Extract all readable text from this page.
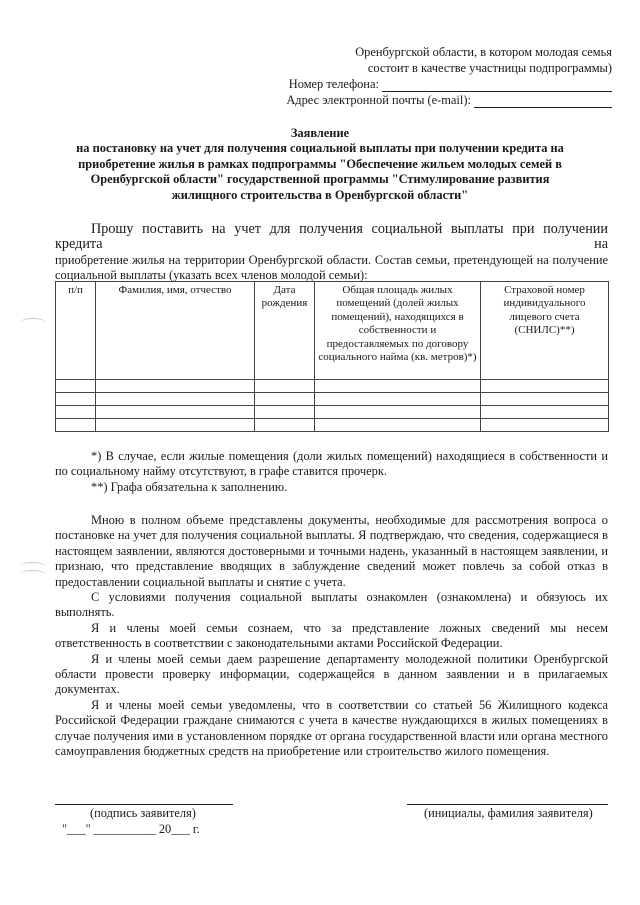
Оренбургской области, в котором молодая семья
состоит в качестве участницы подпрограммы)
Номер телефона:
Адрес электронной почты (e-mail):
Заявление
на постановку на учет для получения социальной выплаты при получении кредита на
приобретение жилья в рамках подпрограммы "Обеспечение жильем молодых семей в
Оренбургской области" государственной программы "Стимулирование развития
жилищного строительства в Оренбургской области"
Прошу поставить на учет для получения социальной выплаты при получении кредита на
приобретение жилья на территории Оренбургской области. Состав семьи, претендующей на получение социальной выплаты (указать всех членов молодой семьи):
п/п	Фамилия, имя, отчество	Дата рождения	Общая площадь жилых помещений (долей жилых помещений), находящихся в собственности и предоставляемых по договору социального найма (кв. метров)*)	Страховой номер индивидуального лицевого счета (СНИЛС)**)

*) В случае, если жилые помещения (доли жилых помещений) находящиеся в собственности и по социальному найму отсутствуют, в графе ставится прочерк.
**) Графа обязательна к заполнению.
Мною в полном объеме представлены документы, необходимые для рассмотрения вопроса о постановке на учет для получения социальной выплаты. Я подтверждаю, что сведения, содержащиеся в настоящем заявлении, являются достоверными и точными надень, указанный в настоящем заявлении, и признаю, что представление вводящих в заблуждение сведений может повлечь за собой отказ в предоставлении социальной выплаты и снятие с учета.
С условиями получения социальной выплаты ознакомлен (ознакомлена) и обязуюсь их выполнять.
Я и члены моей семьи сознаем, что за представление ложных сведений мы несем ответственность в соответствии с законодательными актами Российской Федерации.
Я и члены моей семьи даем разрешение департаменту молодежной политики Оренбургской области провести проверку информации, содержащейся в данном заявлении и в прилагаемых документах.
Я и члены моей семьи уведомлены, что в соответствии со статьей 56 Жилищного кодекса Российской Федерации граждане снимаются с учета в качестве нуждающихся в жилых помещениях в случае получения ими в установленном порядке от органа государственной власти или органа местного самоуправления бюджетных средств на приобретение или строительство жилого помещения.
(подпись заявителя)
"___" __________ 20___ г.
(инициалы, фамилия заявителя)
